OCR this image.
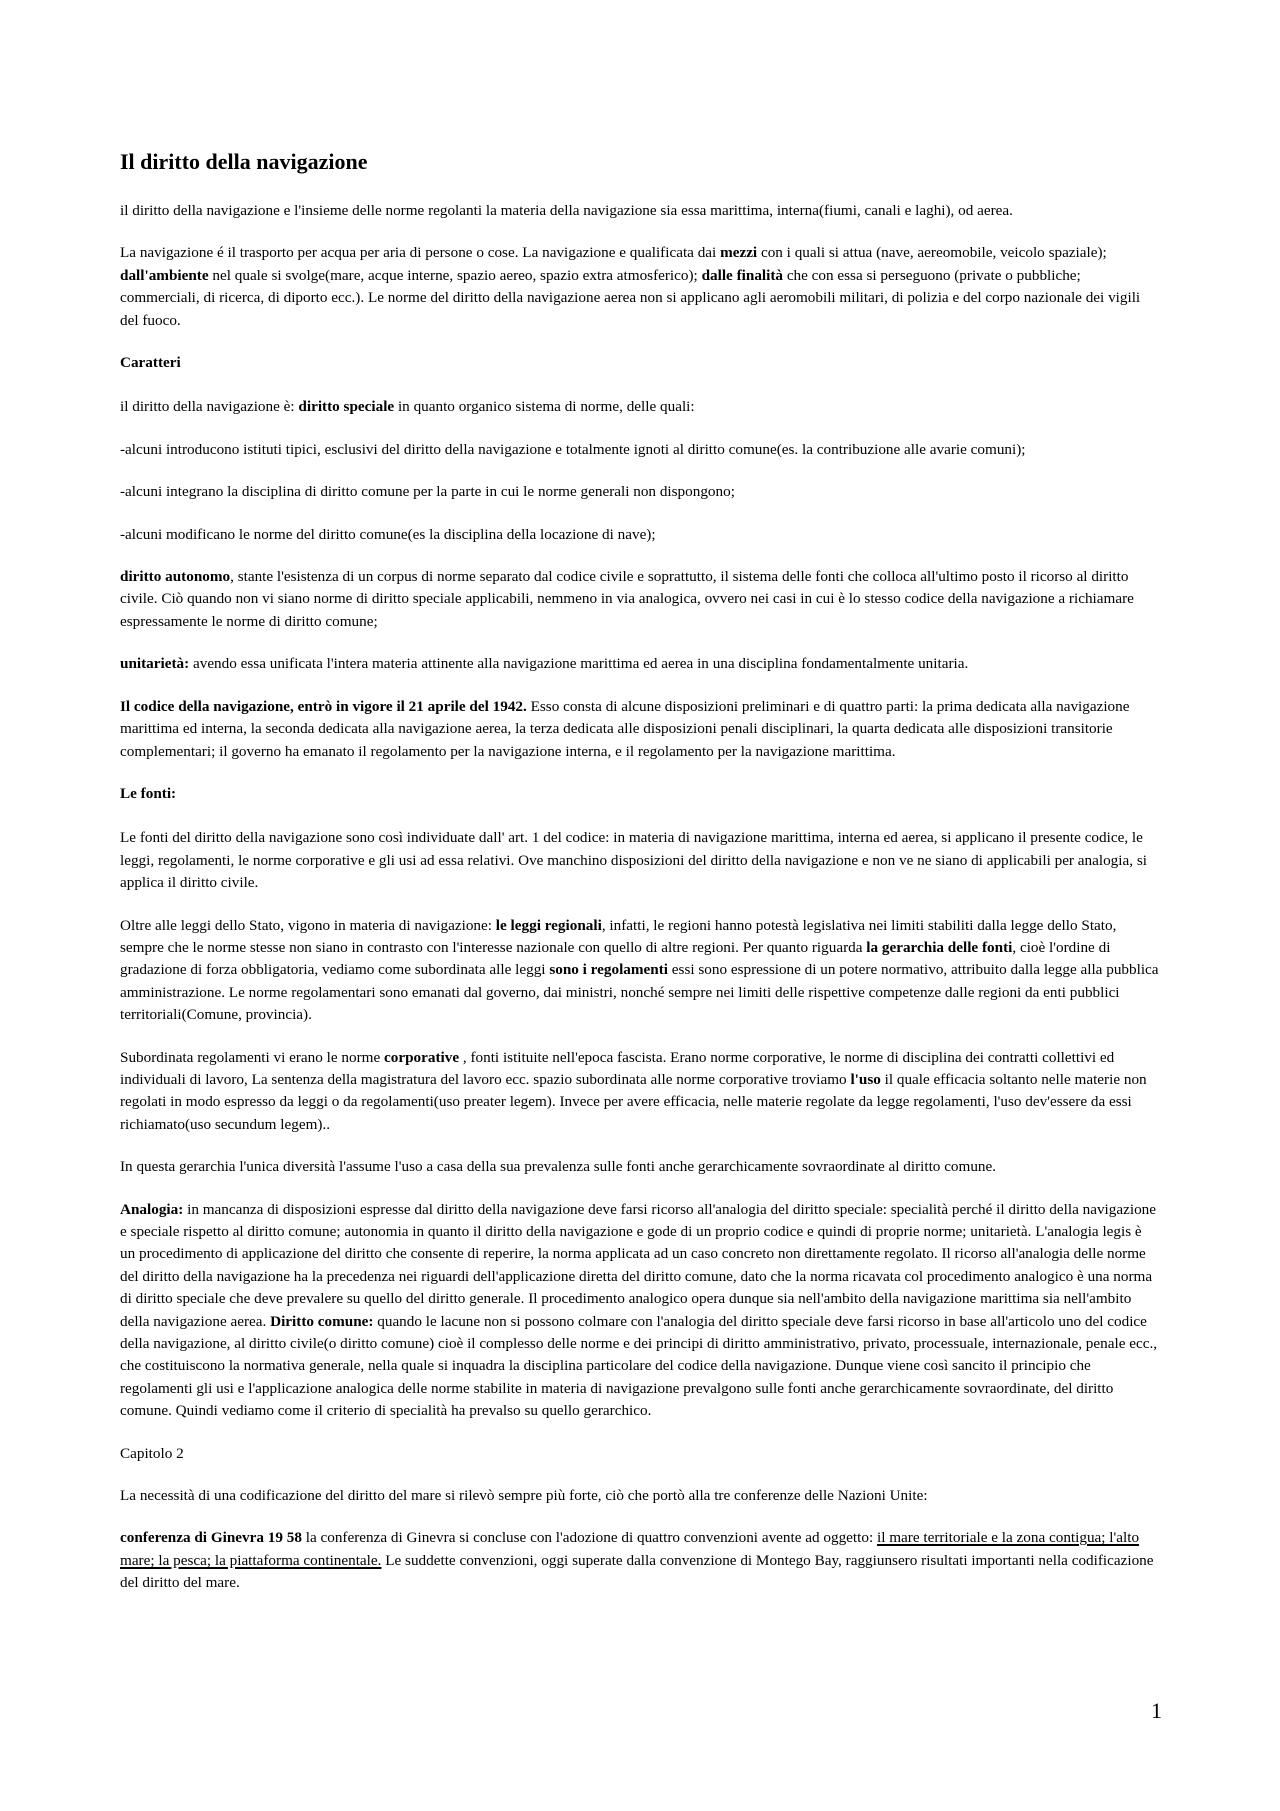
Il diritto della navigazione

il diritto della navigazione e l'insieme delle norme regolanti la materia della navigazione sia essa marittima, interna(fiumi, canali e laghi), od aerea.

La navigazione é il trasporto per acqua per aria di persone o cose. La navigazione e qualificata dai mezzi con i quali si attua (nave, aereomobile, veicolo spaziale); dall'ambiente nel quale si svolge(mare, acque interne, spazio aereo, spazio extra atmosferico); dalle finalità che con essa si perseguono (private o pubbliche; commerciali, di ricerca, di diporto ecc.). Le norme del diritto della navigazione aerea non si applicano agli aeromobili militari, di polizia e del corpo nazionale dei vigili del fuoco.

Caratteri

il diritto della navigazione è: diritto speciale in quanto organico sistema di norme, delle quali:

-alcuni introducono istituti tipici, esclusivi del diritto della navigazione e totalmente ignoti al diritto comune(es. la contribuzione alle avarie comuni);

-alcuni integrano la disciplina di diritto comune per la parte in cui le norme generali non dispongono;

-alcuni modificano le norme del diritto comune(es la disciplina della locazione di nave);

diritto autonomo, stante l'esistenza di un corpus di norme separato dal codice civile e soprattutto, il sistema delle fonti che colloca all'ultimo posto il ricorso al diritto civile. Ciò quando non vi siano norme di diritto speciale applicabili, nemmeno in via analogica, ovvero nei casi in cui è lo stesso codice della navigazione a richiamare espressamente le norme di diritto comune;

unitarietà: avendo essa unificata l'intera materia attinente alla navigazione marittima ed aerea in una disciplina fondamentalmente unitaria.

Il codice della navigazione, entrò in vigore il 21 aprile del 1942. Esso consta di alcune disposizioni preliminari e di quattro parti: la prima dedicata alla navigazione marittima ed interna, la seconda dedicata alla navigazione aerea, la terza dedicata alle disposizioni penali disciplinari, la quarta dedicata alle disposizioni transitorie complementari; il governo ha emanato il regolamento per la navigazione interna, e il regolamento per la navigazione marittima.

Le fonti:

Le fonti del diritto della navigazione sono così individuate dall' art. 1 del codice: in materia di navigazione marittima, interna ed aerea, si applicano il presente codice, le leggi, regolamenti, le norme corporative e gli usi ad essa relativi. Ove manchino disposizioni del diritto della navigazione e non ve ne siano di applicabili per analogia, si applica il diritto civile.

Oltre alle leggi dello Stato, vigono in materia di navigazione: le leggi regionali, infatti, le regioni hanno potestà legislativa nei limiti stabiliti dalla legge dello Stato, sempre che le norme stesse non siano in contrasto con l'interesse nazionale con quello di altre regioni. Per quanto riguarda la gerarchia delle fonti, cioè l'ordine di gradazione di forza obbligatoria, vediamo come subordinata alle leggi sono i regolamenti essi sono espressione di un potere normativo, attribuito dalla legge alla pubblica amministrazione. Le norme regolamentari sono emanati dal governo, dai ministri, nonché sempre nei limiti delle rispettive competenze dalle regioni da enti pubblici territoriali(Comune, provincia).

Subordinata regolamenti vi erano le norme corporative , fonti istituite nell'epoca fascista. Erano norme corporative, le norme di disciplina dei contratti collettivi ed individuali di lavoro, La sentenza della magistratura del lavoro ecc. spazio subordinata alle norme corporative troviamo l'uso il quale efficacia soltanto nelle materie non regolati in modo espresso da leggi o da regolamenti(uso preater legem). Invece per avere efficacia, nelle materie regolate da legge regolamenti, l'uso dev'essere da essi richiamato(uso secundum legem)..

In questa gerarchia l'unica diversità l'assume l'uso a casa della sua prevalenza sulle fonti anche gerarchicamente sovraordinate al diritto comune.

Analogia: in mancanza di disposizioni espresse dal diritto della navigazione deve farsi ricorso all'analogia del diritto speciale: specialità perché il diritto della navigazione e speciale rispetto al diritto comune; autonomia in quanto il diritto della navigazione e gode di un proprio codice e quindi di proprie norme; unitarietà. L'analogia legis è un procedimento di applicazione del diritto che consente di reperire, la norma applicata ad un caso concreto non direttamente regolato. Il ricorso all'analogia delle norme del diritto della navigazione ha la precedenza nei riguardi dell'applicazione diretta del diritto comune, dato che la norma ricavata col procedimento analogico è una norma di diritto speciale che deve prevalere su quello del diritto generale. Il procedimento analogico opera dunque sia nell'ambito della navigazione marittima sia nell'ambito della navigazione aerea. Diritto comune: quando le lacune non si possono colmare con l'analogia del diritto speciale deve farsi ricorso in base all'articolo uno del codice della navigazione, al diritto civile(o diritto comune) cioè il complesso delle norme e dei principi di diritto amministrativo, privato, processuale, internazionale, penale ecc., che costituiscono la normativa generale, nella quale si inquadra la disciplina particolare del codice della navigazione. Dunque viene così sancito il principio che regolamenti gli usi e l'applicazione analogica delle norme stabilite in materia di navigazione prevalgono sulle fonti anche gerarchicamente sovraordinate, del diritto comune. Quindi vediamo come il criterio di specialità ha prevalso su quello gerarchico.

Capitolo 2

La necessità di una codificazione del diritto del mare si rilevò sempre più forte, ciò che portò alla tre conferenze delle Nazioni Unite:

conferenza di Ginevra 19 58 la conferenza di Ginevra si concluse con l'adozione di quattro convenzioni avente ad oggetto: il mare territoriale e la zona contigua; l'alto mare; la pesca; la piattaforma continentale. Le suddette convenzioni, oggi superate dalla convenzione di Montego Bay, raggiunsero risultati importanti nella codificazione del diritto del mare.

1
